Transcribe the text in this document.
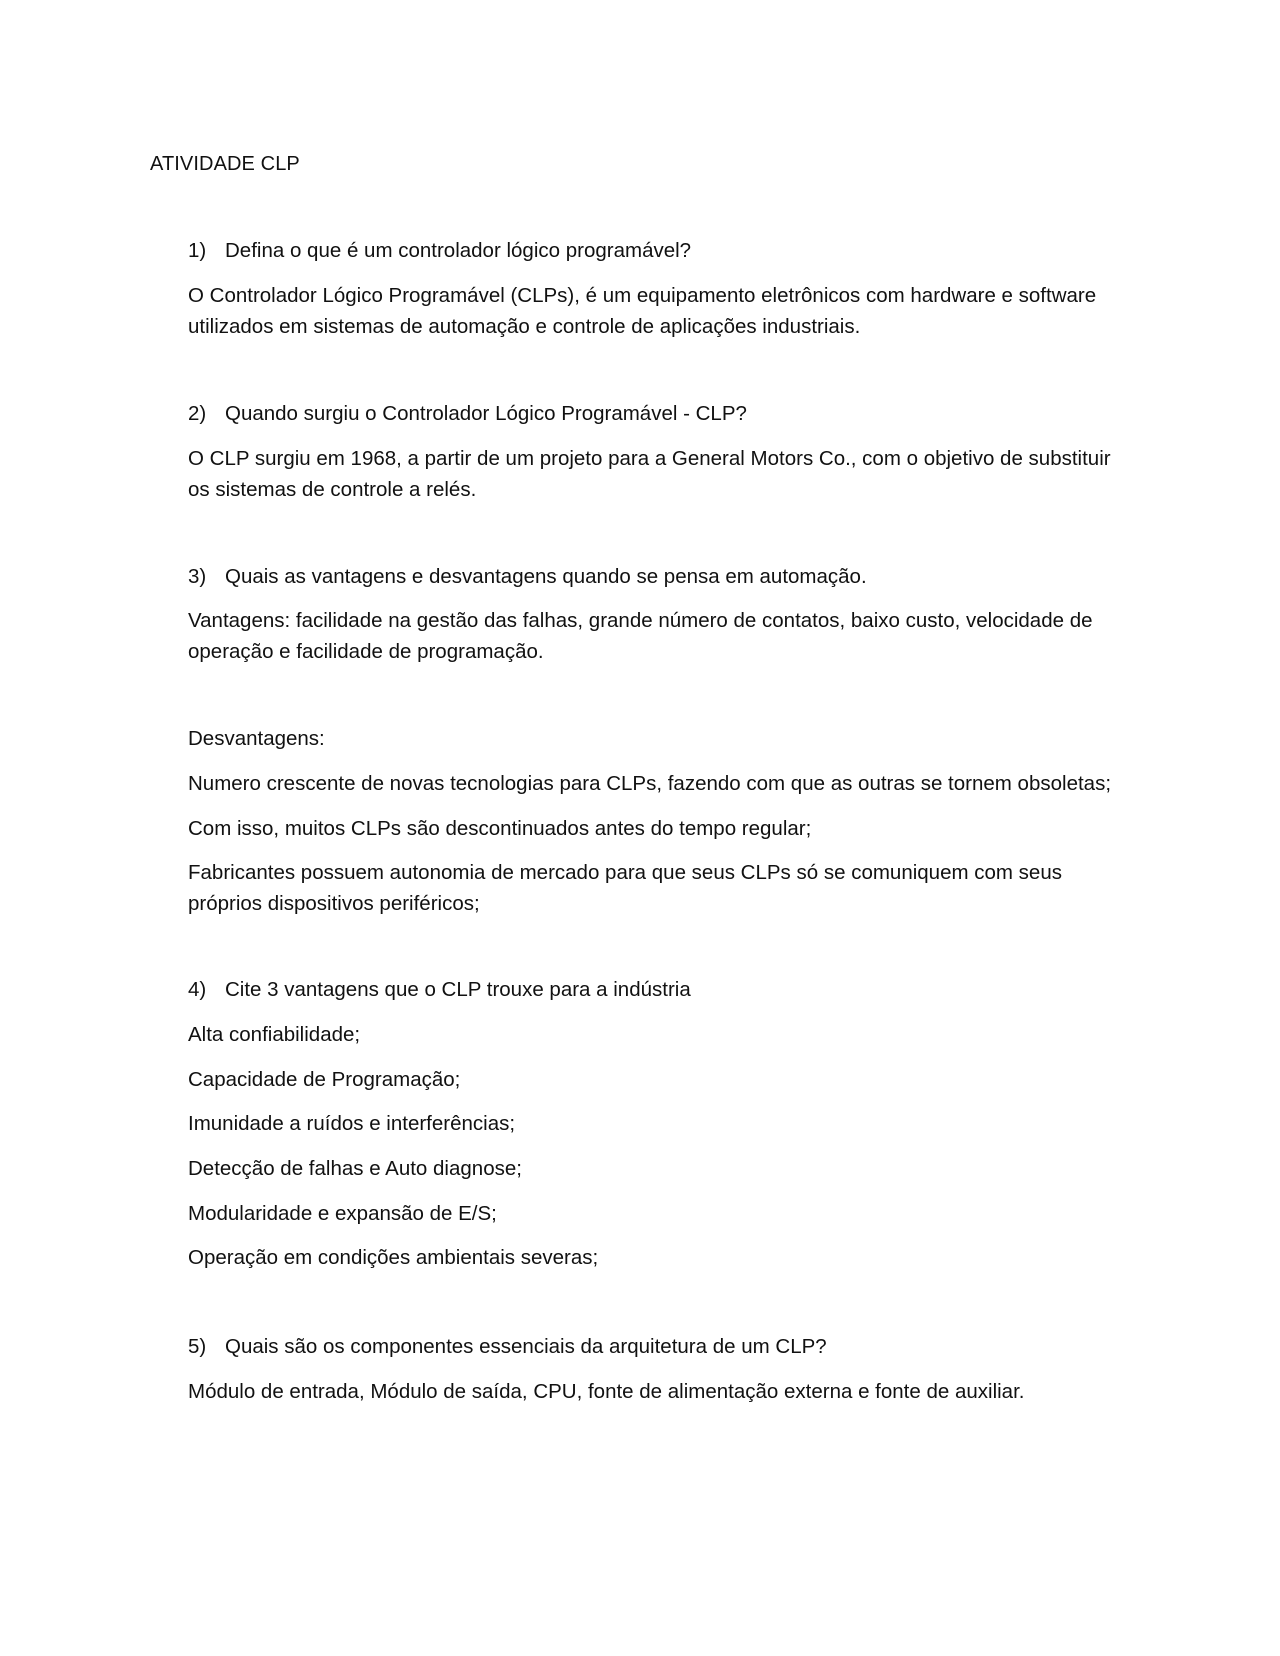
ATIVIDADE CLP
1) Defina o que é um controlador lógico programável?

O Controlador Lógico Programável (CLPs), é um equipamento eletrônicos com hardware e software utilizados em sistemas de automação e controle de aplicações industriais.

2) Quando surgiu o Controlador Lógico Programável - CLP?

O CLP surgiu em 1968, a partir de um projeto para a General Motors Co., com o objetivo de substituir os sistemas de controle a relés.

3) Quais as vantagens e desvantagens quando se pensa em automação.

Vantagens: facilidade na gestão das falhas, grande número de contatos, baixo custo, velocidade de operação e facilidade de programação.

Desvantagens:
Numero crescente de novas tecnologias para CLPs, fazendo com que as outras se tornem obsoletas;
Com isso, muitos CLPs são descontinuados antes do tempo regular;

Fabricantes possuem autonomia de mercado para que seus CLPs só se comuniquem com seus próprios dispositivos periféricos;

4) Cite 3 vantagens que o CLP trouxe para a indústria
Alta confiabilidade;
Capacidade de Programação;
Imunidade a ruídos e interferências;
Detecção de falhas e Auto diagnose;
Modularidade e expansão de E/S;
Operação em condições ambientais severas;
5) Quais são os componentes essenciais da arquitetura de um CLP?
Módulo de entrada, Módulo de saída, CPU, fonte de alimentação externa e fonte de auxiliar.
